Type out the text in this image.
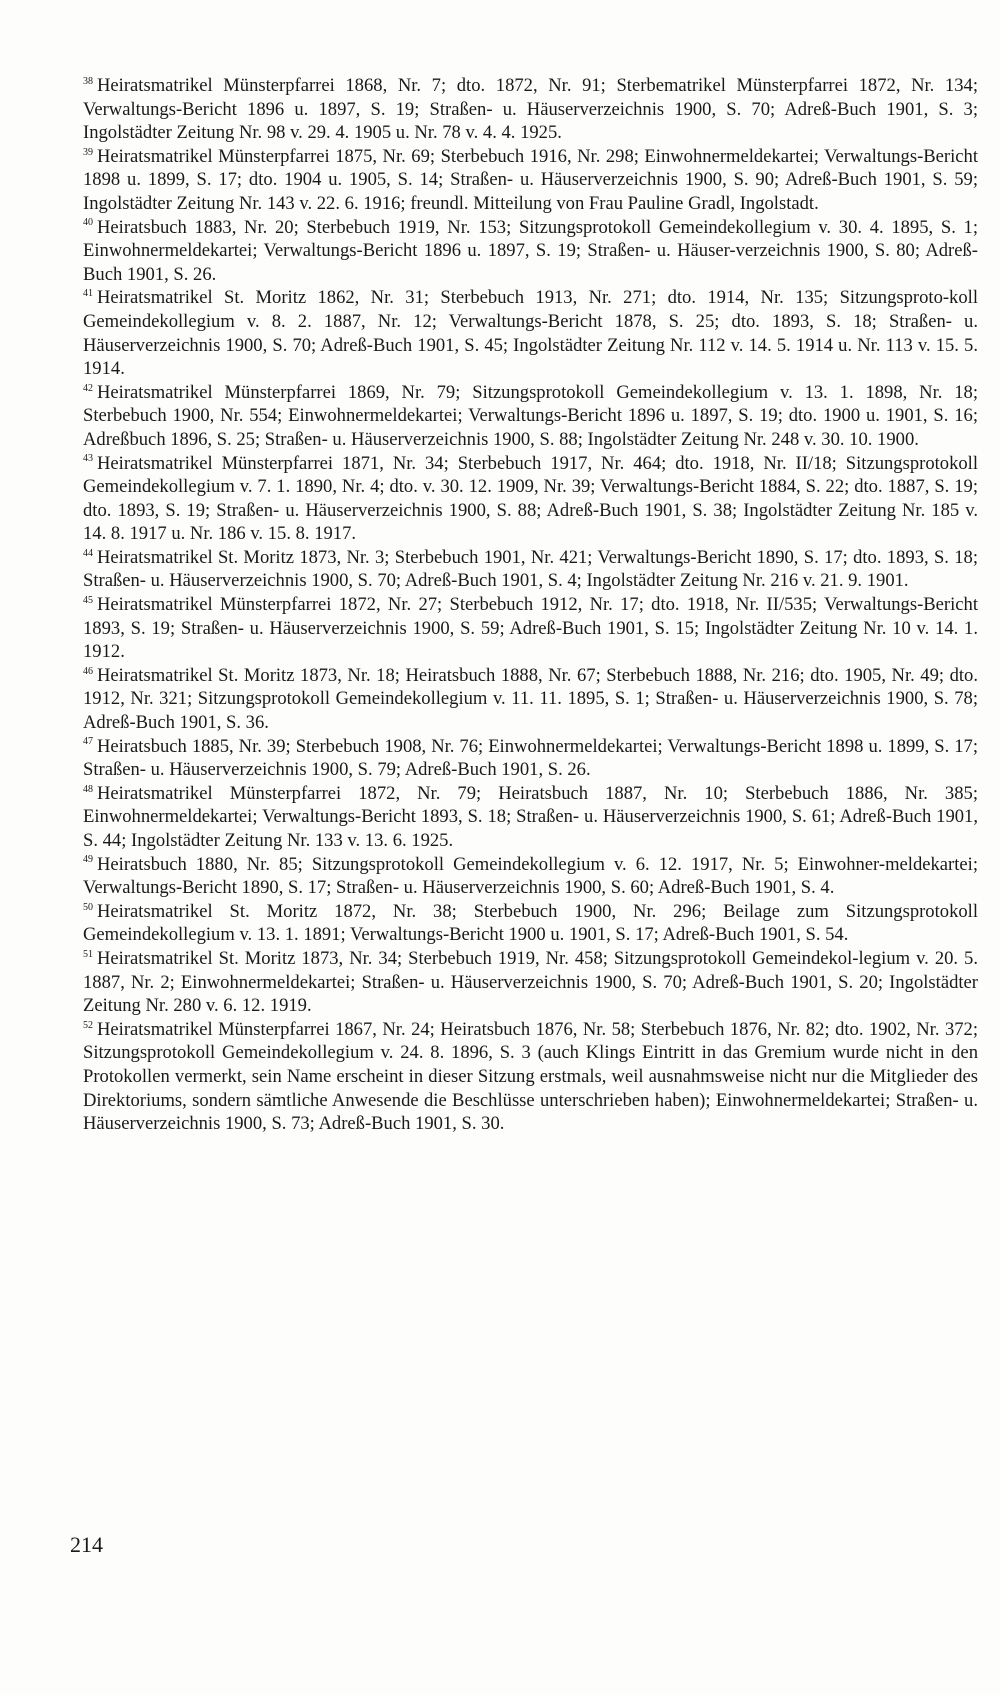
$^{38}$ Heiratsmatrikel Münsterpfarrei 1868, Nr. 7; dto. 1872, Nr. 91; Sterbematrikel Münsterpfarrei 1872, Nr. 134; Verwaltungs-Bericht 1896 u. 1897, S. 19; Straßen- u. Häuserverzeichnis 1900, S. 70; Adreß-Buch 1901, S. 3; Ingolstädter Zeitung Nr. 98 v. 29. 4. 1905 u. Nr. 78 v. 4. 4. 1925.

$^{39}$ Heiratsmatrikel Münsterpfarrei 1875, Nr. 69; Sterbebuch 1916, Nr. 298; Einwohnermeldekartei; Verwaltungs-Bericht 1898 u. 1899, S. 17; dto. 1904 u. 1905, S. 14; Straßen- u. Häuserverzeichnis 1900, S. 90; Adreß-Buch 1901, S. 59; Ingolstädter Zeitung Nr. 143 v. 22. 6. 1916; freundl. Mitteilung von Frau Pauline Gradl, Ingolstadt.

$^{40}$ Heiratsbuch 1883, Nr. 20; Sterbebuch 1919, Nr. 153; Sitzungsprotokoll Gemeindekollegium v. 30. 4. 1895, S. 1; Einwohnermeldekartei; Verwaltungs-Bericht 1896 u. 1897, S. 19; Straßen- u. Häuser-verzeichnis 1900, S. 80; Adreß-Buch 1901, S. 26.

$^{41}$ Heiratsmatrikel St. Moritz 1862, Nr. 31; Sterbebuch 1913, Nr. 271; dto. 1914, Nr. 135; Sitzungsproto-koll Gemeindekollegium v. 8. 2. 1887, Nr. 12; Verwaltungs-Bericht 1878, S. 25; dto. 1893, S. 18; Straßen- u. Häuserverzeichnis 1900, S. 70; Adreß-Buch 1901, S. 45; Ingolstädter Zeitung Nr. 112 v. 14. 5. 1914 u. Nr. 113 v. 15. 5. 1914.

$^{42}$ Heiratsmatrikel Münsterpfarrei 1869, Nr. 79; Sitzungsprotokoll Gemeindekollegium v. 13. 1. 1898, Nr. 18; Sterbebuch 1900, Nr. 554; Einwohnermeldekartei; Verwaltungs-Bericht 1896 u. 1897, S. 19; dto. 1900 u. 1901, S. 16; Adreßbuch 1896, S. 25; Straßen- u. Häuserverzeichnis 1900, S. 88; Ingolstädter Zeitung Nr. 248 v. 30. 10. 1900.

$^{43}$ Heiratsmatrikel Münsterpfarrei 1871, Nr. 34; Sterbebuch 1917, Nr. 464; dto. 1918, Nr. II/18; Sitzungsprotokoll Gemeindekollegium v. 7. 1. 1890, Nr. 4; dto. v. 30. 12. 1909, Nr. 39; Verwaltungs-Bericht 1884, S. 22; dto. 1887, S. 19; dto. 1893, S. 19; Straßen- u. Häuserverzeichnis 1900, S. 88; Adreß-Buch 1901, S. 38; Ingolstädter Zeitung Nr. 185 v. 14. 8. 1917 u. Nr. 186 v. 15. 8. 1917.

$^{44}$ Heiratsmatrikel St. Moritz 1873, Nr. 3; Sterbebuch 1901, Nr. 421; Verwaltungs-Bericht 1890, S. 17; dto. 1893, S. 18; Straßen- u. Häuserverzeichnis 1900, S. 70; Adreß-Buch 1901, S. 4; Ingolstädter Zeitung Nr. 216 v. 21. 9. 1901.

$^{45}$ Heiratsmatrikel Münsterpfarrei 1872, Nr. 27; Sterbebuch 1912, Nr. 17; dto. 1918, Nr. II/535; Verwaltungs-Bericht 1893, S. 19; Straßen- u. Häuserverzeichnis 1900, S. 59; Adreß-Buch 1901, S. 15; Ingolstädter Zeitung Nr. 10 v. 14. 1. 1912.

$^{46}$ Heiratsmatrikel St. Moritz 1873, Nr. 18; Heiratsbuch 1888, Nr. 67; Sterbebuch 1888, Nr. 216; dto. 1905, Nr. 49; dto. 1912, Nr. 321; Sitzungsprotokoll Gemeindekollegium v. 11. 11. 1895, S. 1; Straßen- u. Häuserverzeichnis 1900, S. 78; Adreß-Buch 1901, S. 36.

$^{47}$ Heiratsbuch 1885, Nr. 39; Sterbebuch 1908, Nr. 76; Einwohnermeldekartei; Verwaltungs-Bericht 1898 u. 1899, S. 17; Straßen- u. Häuserverzeichnis 1900, S. 79; Adreß-Buch 1901, S. 26.

$^{48}$ Heiratsmatrikel Münsterpfarrei 1872, Nr. 79; Heiratsbuch 1887, Nr. 10; Sterbebuch 1886, Nr. 385; Einwohnermeldekartei; Verwaltungs-Bericht 1893, S. 18; Straßen- u. Häuserverzeichnis 1900, S. 61; Adreß-Buch 1901, S. 44; Ingolstädter Zeitung Nr. 133 v. 13. 6. 1925.

$^{49}$ Heiratsbuch 1880, Nr. 85; Sitzungsprotokoll Gemeindekollegium v. 6. 12. 1917, Nr. 5; Einwohner-meldekartei; Verwaltungs-Bericht 1890, S. 17; Straßen- u. Häuserverzeichnis 1900, S. 60; Adreß-Buch 1901, S. 4.

$^{50}$ Heiratsmatrikel St. Moritz 1872, Nr. 38; Sterbebuch 1900, Nr. 296; Beilage zum Sitzungsprotokoll Gemeindekollegium v. 13. 1. 1891; Verwaltungs-Bericht 1900 u. 1901, S. 17; Adreß-Buch 1901, S. 54.

$^{51}$ Heiratsmatrikel St. Moritz 1873, Nr. 34; Sterbebuch 1919, Nr. 458; Sitzungsprotokoll Gemeindekol-legium v. 20. 5. 1887, Nr. 2; Einwohnermeldekartei; Straßen- u. Häuserverzeichnis 1900, S. 70; Adreß-Buch 1901, S. 20; Ingolstädter Zeitung Nr. 280 v. 6. 12. 1919.

$^{52}$ Heiratsmatrikel Münsterpfarrei 1867, Nr. 24; Heiratsbuch 1876, Nr. 58; Sterbebuch 1876, Nr. 82; dto. 1902, Nr. 372; Sitzungsprotokoll Gemeindekollegium v. 24. 8. 1896, S. 3 (auch Klings Eintritt in das Gremium wurde nicht in den Protokollen vermerkt, sein Name erscheint in dieser Sitzung erstmals, weil ausnahmsweise nicht nur die Mitglieder des Direktoriums, sondern sämtliche Anwesende die Beschlüsse unterschrieben haben); Einwohnermeldekartei; Straßen- u. Häuserverzeichnis 1900, S. 73; Adreß-Buch 1901, S. 30.

214
